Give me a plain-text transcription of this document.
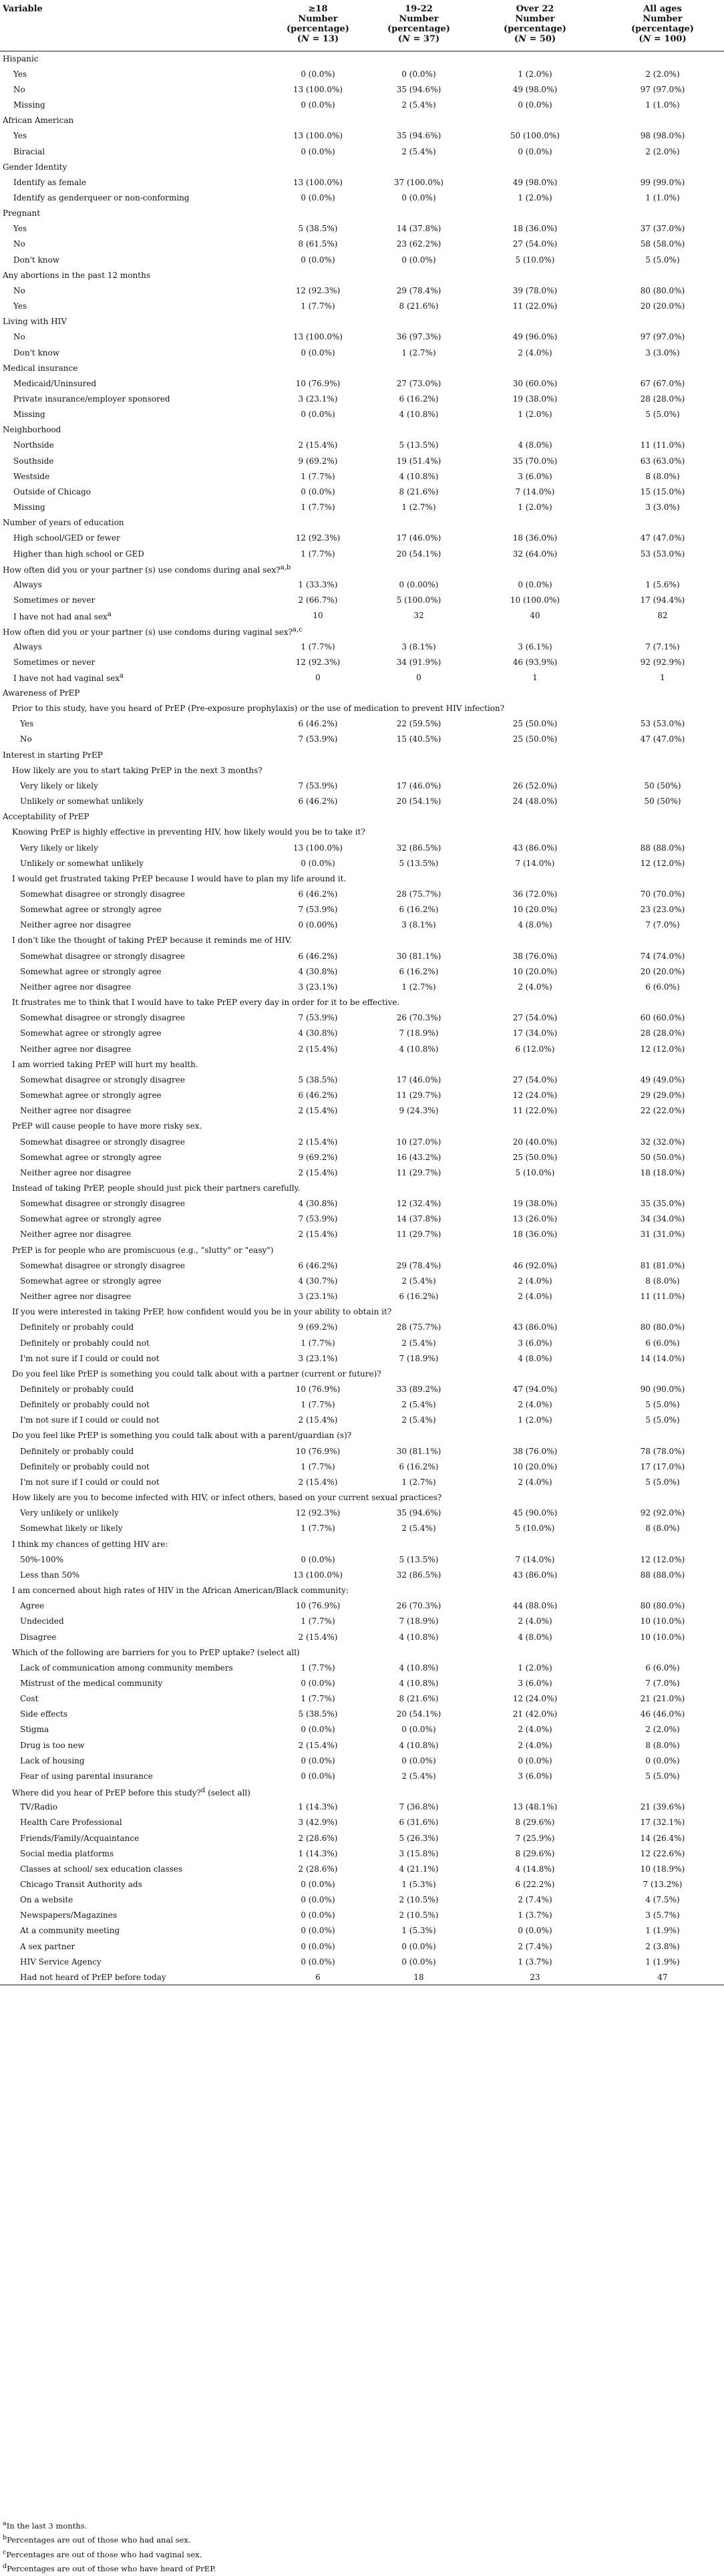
Variable	≥18
Number
(percentage)
(N = 13)	19-22
Number
(percentage)
(N = 37)	Over 22
Number
(percentage)
(N = 50)	All ages
Number
(percentage)
(N = 100)
Hispanic				
Yes	0 (0.0%)	0 (0.0%)	1 (2.0%)	2 (2.0%)
No	13 (100.0%)	35 (94.6%)	49 (98.0%)	97 (97.0%)
Missing	0 (0.0%)	2 (5.4%)	0 (0.0%)	1 (1.0%)
African American				
Yes	13 (100.0%)	35 (94.6%)	50 (100.0%)	98 (98.0%)
Biracial	0 (0.0%)	2 (5.4%)	0 (0.0%)	2 (2.0%)
Gender Identity				
Identify as female	13 (100.0%)	37 (100.0%)	49 (98.0%)	99 (99.0%)
Identify as genderqueer or non-conforming	0 (0.0%)	0 (0.0%)	1 (2.0%)	1 (1.0%)
Pregnant				
Yes	5 (38.5%)	14 (37.8%)	18 (36.0%)	37 (37.0%)
No	8 (61.5%)	23 (62.2%)	27 (54.0%)	58 (58.0%)
Don't know	0 (0.0%)	0 (0.0%)	5 (10.0%)	5 (5.0%)
Any abortions in the past 12 months				
No	12 (92.3%)	29 (78.4%)	39 (78.0%)	80 (80.0%)
Yes	1 (7.7%)	8 (21.6%)	11 (22.0%)	20 (20.0%)
Living with HIV				
No	13 (100.0%)	36 (97.3%)	49 (96.0%)	97 (97.0%)
Don't know	0 (0.0%)	1 (2.7%)	2 (4.0%)	3 (3.0%)
Medical insurance				
Medicaid/Uninsured	10 (76.9%)	27 (73.0%)	30 (60.0%)	67 (67.0%)
Private insurance/employer sponsored	3 (23.1%)	6 (16.2%)	19 (38.0%)	28 (28.0%)
Missing	0 (0.0%)	4 (10.8%)	1 (2.0%)	5 (5.0%)
Neighborhood				
Northside	2 (15.4%)	5 (13.5%)	4 (8.0%)	11 (11.0%)
Southside	9 (69.2%)	19 (51.4%)	35 (70.0%)	63 (63.0%)
Westside	1 (7.7%)	4 (10.8%)	3 (6.0%)	8 (8.0%)
Outside of Chicago	0 (0.0%)	8 (21.6%)	7 (14.0%)	15 (15.0%)
Missing	1 (7.7%)	1 (2.7%)	1 (2.0%)	3 (3.0%)
Number of years of education				
High school/GED or fewer	12 (92.3%)	17 (46.0%)	18 (36.0%)	47 (47.0%)
Higher than high school or GED	1 (7.7%)	20 (54.1%)	32 (64.0%)	53 (53.0%)
How often did you or your partner (s) use condoms during anal sex?$^{a,b}$
Always	1 (33.3%)	0 (0.00%)	0 (0.0%)	1 (5.6%)
Sometimes or never	2 (66.7%)	5 (100.0%)	10 (100.0%)	17 (94.4%)
I have not had anal sex$^a$	10	32	40	82
How often did you or your partner (s) use condoms during vaginal sex?$^{a,c}$
Always	1 (7.7%)	3 (8.1%)	3 (6.1%)	7 (7.1%)
Sometimes or never	12 (92.3%)	34 (91.9%)	46 (93.9%)	92 (92.9%)
I have not had vaginal sex$^a$	0	0	1	1
Awareness of PrEP				
Prior to this study, have you heard of PrEP (Pre-exposure prophylaxis) or the use of medication to prevent HIV infection?				
Yes	6 (46.2%)	22 (59.5%)	25 (50.0%)	53 (53.0%)
No	7 (53.9%)	15 (40.5%)	25 (50.0%)	47 (47.0%)
Interest in starting PrEP				
How likely are you to start taking PrEP in the next 3 months?				
Very likely or likely	7 (53.9%)	17 (46.0%)	26 (52.0%)	50 (50%)
Unlikely or somewhat unlikely	6 (46.2%)	20 (54.1%)	24 (48.0%)	50 (50%)
Acceptability of PrEP				
Knowing PrEP is highly effective in preventing HIV, how likely would you be to take it?				
Very likely or likely	13 (100.0%)	32 (86.5%)	43 (86.0%)	88 (88.0%)
Unlikely or somewhat unlikely	0 (0.0%)	5 (13.5%)	7 (14.0%)	12 (12.0%)
I would get frustrated taking PrEP because I would have to plan my life around it.				
Somewhat disagree or strongly disagree	6 (46.2%)	28 (75.7%)	36 (72.0%)	70 (70.0%)
Somewhat agree or strongly agree	7 (53.9%)	6 (16.2%)	10 (20.0%)	23 (23.0%)
Neither agree nor disagree	0 (0.00%)	3 (8.1%)	4 (8.0%)	7 (7.0%)
I don't like the thought of taking PrEP because it reminds me of HIV.				
Somewhat disagree or strongly disagree	6 (46.2%)	30 (81.1%)	38 (76.0%)	74 (74.0%)
Somewhat agree or strongly agree	4 (30.8%)	6 (16.2%)	10 (20.0%)	20 (20.0%)
Neither agree nor disagree	3 (23.1%)	1 (2.7%)	2 (4.0%)	6 (6.0%)
It frustrates me to think that I would have to take PrEP every day in order for it to be effective.				
Somewhat disagree or strongly disagree	7 (53.9%)	26 (70.3%)	27 (54.0%)	60 (60.0%)
Somewhat agree or strongly agree	4 (30.8%)	7 (18.9%)	17 (34.0%)	28 (28.0%)
Neither agree nor disagree	2 (15.4%)	4 (10.8%)	6 (12.0%)	12 (12.0%)
I am worried taking PrEP will hurt my health.				
Somewhat disagree or strongly disagree	5 (38.5%)	17 (46.0%)	27 (54.0%)	49 (49.0%)
Somewhat agree or strongly agree	6 (46.2%)	11 (29.7%)	12 (24.0%)	29 (29.0%)
Neither agree nor disagree	2 (15.4%)	9 (24.3%)	11 (22.0%)	22 (22.0%)
PrEP will cause people to have more risky sex.				
Somewhat disagree or strongly disagree	2 (15.4%)	10 (27.0%)	20 (40.0%)	32 (32.0%)
Somewhat agree or strongly agree	9 (69.2%)	16 (43.2%)	25 (50.0%)	50 (50.0%)
Neither agree nor disagree	2 (15.4%)	11 (29.7%)	5 (10.0%)	18 (18.0%)
Instead of taking PrEP, people should just pick their partners carefully.				
Somewhat disagree or strongly disagree	4 (30.8%)	12 (32.4%)	19 (38.0%)	35 (35.0%)
Somewhat agree or strongly agree	7 (53.9%)	14 (37.8%)	13 (26.0%)	34 (34.0%)
Neither agree nor disagree	2 (15.4%)	11 (29.7%)	18 (36.0%)	31 (31.0%)
PrEP is for people who are promiscuous (e.g., "slutty" or "easy")				
Somewhat disagree or strongly disagree	6 (46.2%)	29 (78.4%)	46 (92.0%)	81 (81.0%)
Somewhat agree or strongly agree	4 (30.7%)	2 (5.4%)	2 (4.0%)	8 (8.0%)
Neither agree nor disagree	3 (23.1%)	6 (16.2%)	2 (4.0%)	11 (11.0%)
If you were interested in taking PrEP, how confident would you be in your ability to obtain it?				
Definitely or probably could	9 (69.2%)	28 (75.7%)	43 (86.0%)	80 (80.0%)
Definitely or probably could not	1 (7.7%)	2 (5.4%)	3 (6.0%)	6 (6.0%)
I'm not sure if I could or could not	3 (23.1%)	7 (18.9%)	4 (8.0%)	14 (14.0%)
Do you feel like PrEP is something you could talk about with a partner (current or future)?				
Definitely or probably could	10 (76.9%)	33 (89.2%)	47 (94.0%)	90 (90.0%)
Definitely or probably could not	1 (7.7%)	2 (5.4%)	2 (4.0%)	5 (5.0%)
I'm not sure if I could or could not	2 (15.4%)	2 (5.4%)	1 (2.0%)	5 (5.0%)
Do you feel like PrEP is something you could talk about with a parent/guardian (s)?				
Definitely or probably could	10 (76.9%)	30 (81.1%)	38 (76.0%)	78 (78.0%)
Definitely or probably could not	1 (7.7%)	6 (16.2%)	10 (20.0%)	17 (17.0%)
I'm not sure if I could or could not	2 (15.4%)	1 (2.7%)	2 (4.0%)	5 (5.0%)
How likely are you to become infected with HIV, or infect others, based on your current sexual practices?				
Very unlikely or unlikely	12 (92.3%)	35 (94.6%)	45 (90.0%)	92 (92.0%)
Somewhat likely or likely	1 (7.7%)	2 (5.4%)	5 (10.0%)	8 (8.0%)
I think my chances of getting HIV are:				
50%-100%	0 (0.0%)	5 (13.5%)	7 (14.0%)	12 (12.0%)
Less than 50%	13 (100.0%)	32 (86.5%)	43 (86.0%)	88 (88.0%)
I am concerned about high rates of HIV in the African American/Black community:				
Agree	10 (76.9%)	26 (70.3%)	44 (88.0%)	80 (80.0%)
Undecided	1 (7.7%)	7 (18.9%)	2 (4.0%)	10 (10.0%)
Disagree	2 (15.4%)	4 (10.8%)	4 (8.0%)	10 (10.0%)
Which of the following are barriers for you to PrEP uptake? (select all)				
Lack of communication among community members	1 (7.7%)	4 (10.8%)	1 (2.0%)	6 (6.0%)
Mistrust of the medical community	0 (0.0%)	4 (10.8%)	3 (6.0%)	7 (7.0%)
Cost	1 (7.7%)	8 (21.6%)	12 (24.0%)	21 (21.0%)
Side effects	5 (38.5%)	20 (54.1%)	21 (42.0%)	46 (46.0%)
Stigma	0 (0.0%)	0 (0.0%)	2 (4.0%)	2 (2.0%)
Drug is too new	2 (15.4%)	4 (10.8%)	2 (4.0%)	8 (8.0%)
Lack of housing	0 (0.0%)	0 (0.0%)	0 (0.0%)	0 (0.0%)
Fear of using parental insurance	0 (0.0%)	2 (5.4%)	3 (6.0%)	5 (5.0%)
Where did you hear of PrEP before this study?$^d$ (select all)				
TV/Radio	1 (14.3%)	7 (36.8%)	13 (48.1%)	21 (39.6%)
Health Care Professional	3 (42.9%)	6 (31.6%)	8 (29.6%)	17 (32.1%)
Friends/Family/Acquaintance	2 (28.6%)	5 (26.3%)	7 (25.9%)	14 (26.4%)
Social media platforms	1 (14.3%)	3 (15.8%)	8 (29.6%)	12 (22.6%)
Classes at school/ sex education classes	2 (28.6%)	4 (21.1%)	4 (14.8%)	10 (18.9%)
Chicago Transit Authority ads	0 (0.0%)	1 (5.3%)	6 (22.2%)	7 (13.2%)
On a website	0 (0.0%)	2 (10.5%)	2 (7.4%)	4 (7.5%)
Newspapers/Magazines	0 (0.0%)	2 (10.5%)	1 (3.7%)	3 (5.7%)
At a community meeting	0 (0.0%)	1 (5.3%)	0 (0.0%)	1 (1.9%)
A sex partner	0 (0.0%)	0 (0.0%)	2 (7.4%)	2 (3.8%)
HIV Service Agency	0 (0.0%)	0 (0.0%)	1 (3.7%)	1 (1.9%)
Had not heard of PrEP before today	6	18	23	47
$^a$In the last 3 months.
$^b$Percentages are out of those who had anal sex.
$^c$Percentages are out of those who had vaginal sex.
$^d$Percentages are out of those who have heard of PrEP.
